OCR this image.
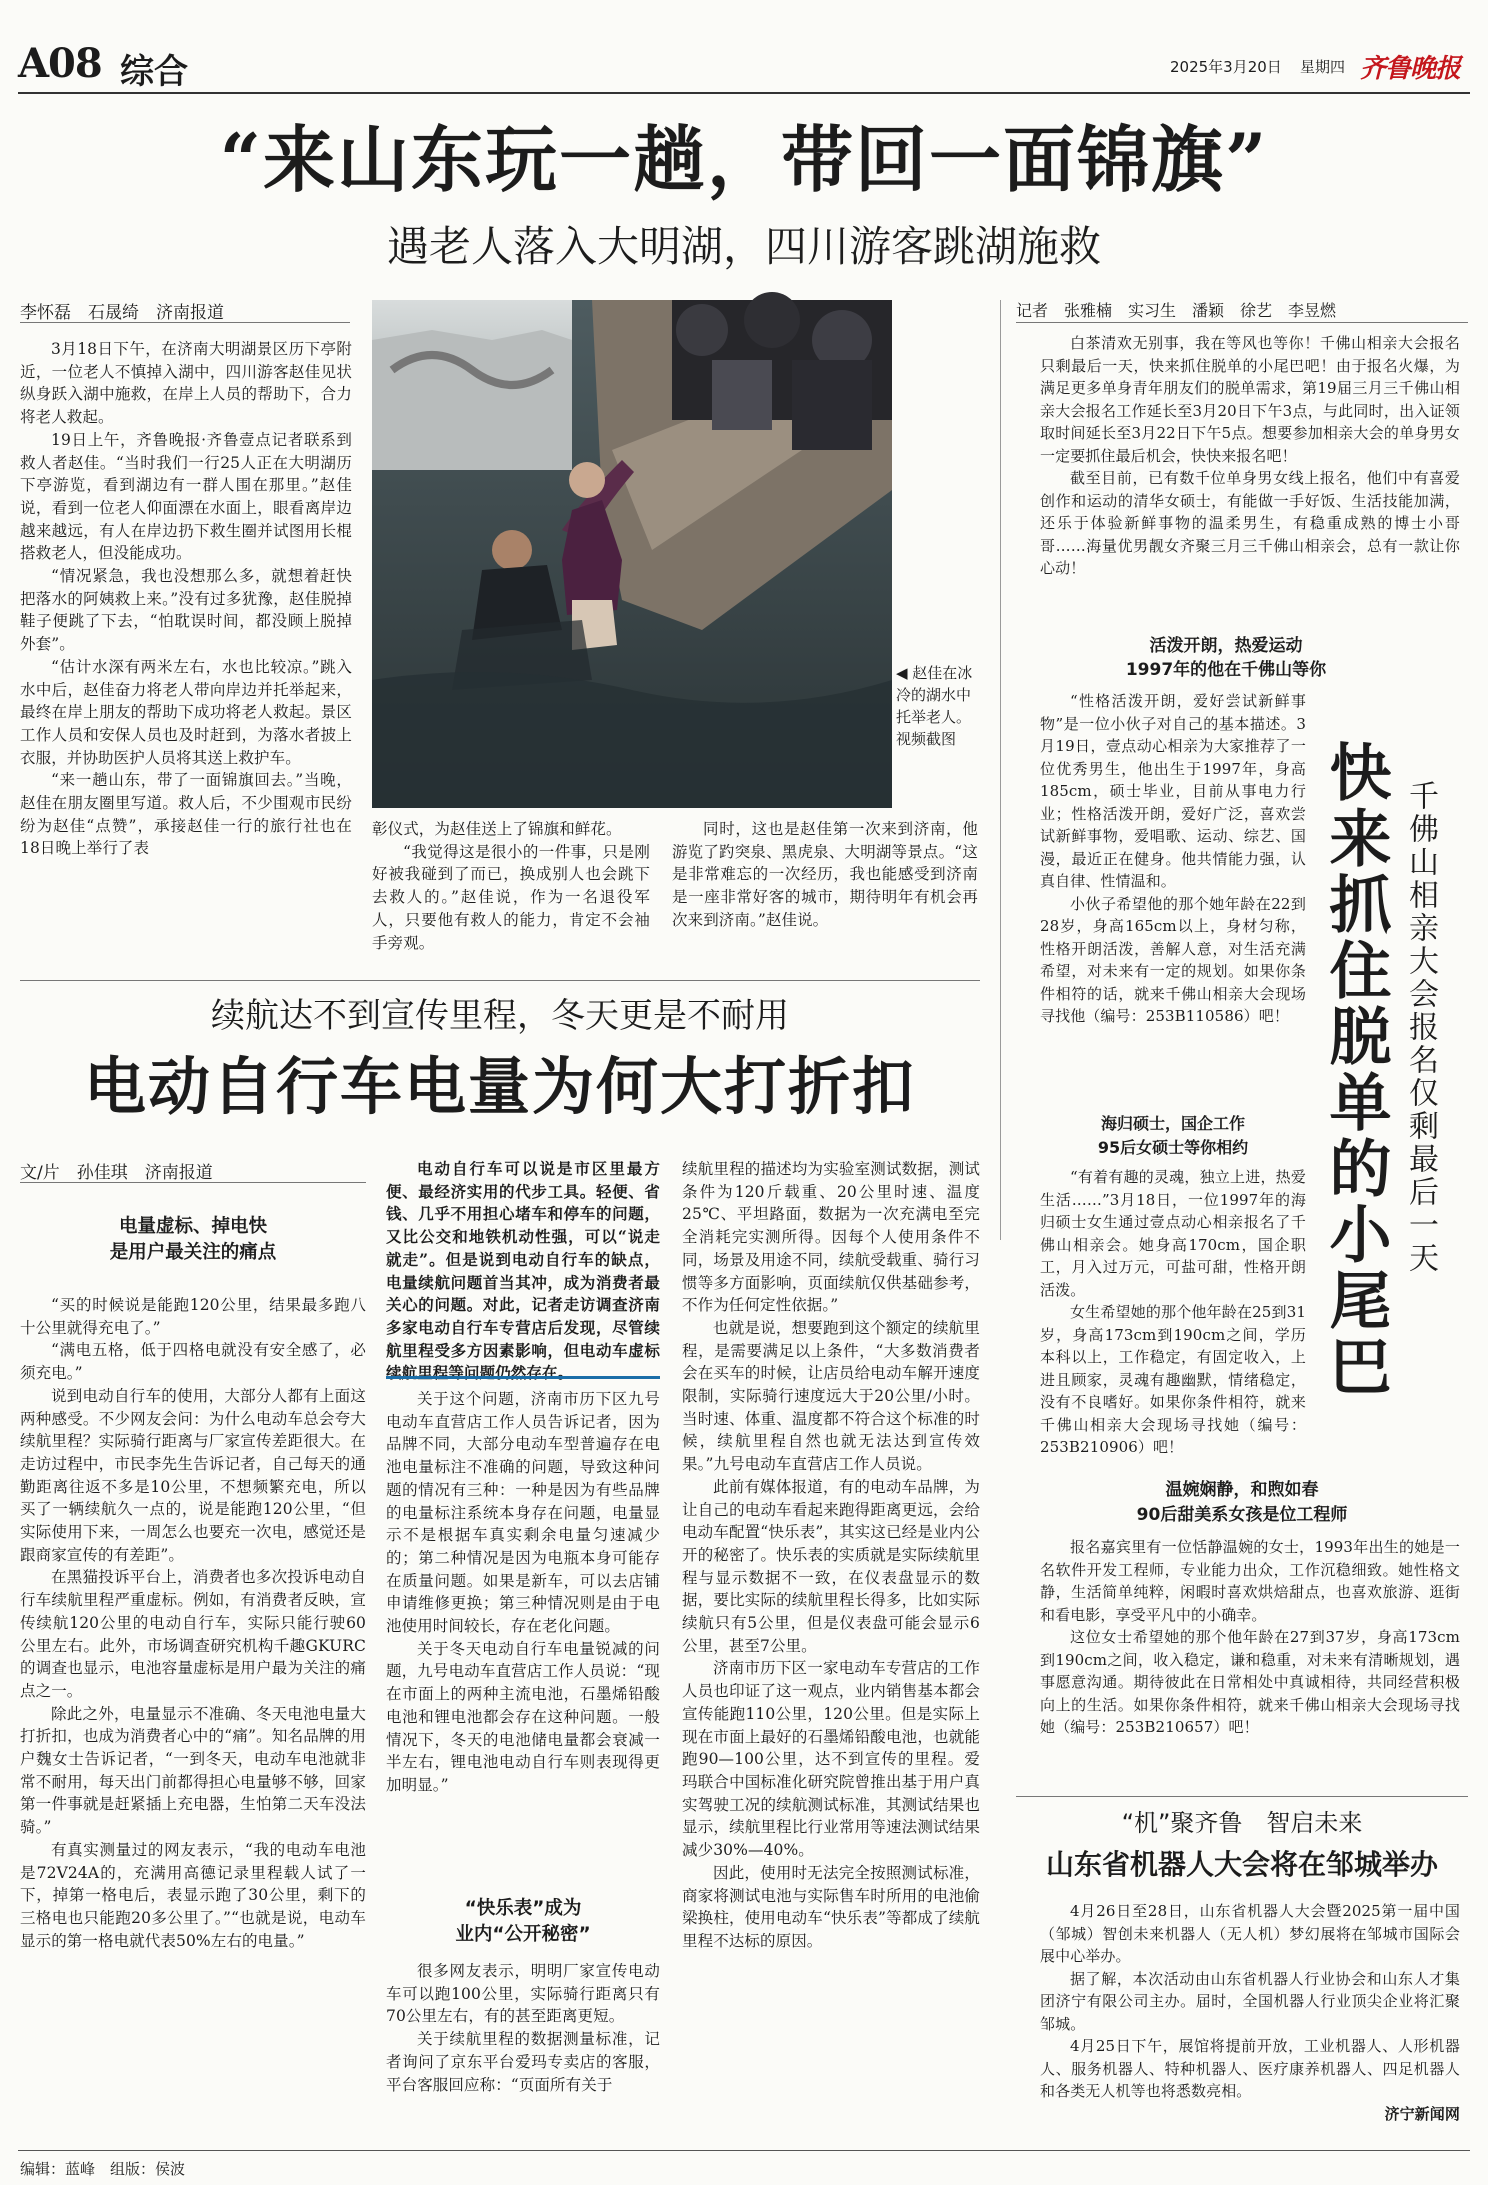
A08 综合	2025年3月20日 星期四 齐鲁晚报
“来山东玩一趟，带回一面锦旗”
遇老人落入大明湖，四川游客跳湖施救
李怀磊　石晟绮　济南报道

3月18日下午，在济南大明湖景区历下亭附近，一位老人不慎掉入湖中，四川游客赵佳见状纵身跃入湖中施救，在岸上人员的帮助下，合力将老人救起。

19日上午，齐鲁晚报·齐鲁壹点记者联系到救人者赵佳。“当时我们一行25人正在大明湖历下亭游览，看到湖边有一群人围在那里。”赵佳说，看到一位老人仰面漂在水面上，眼看离岸边越来越远，有人在岸边扔下救生圈并试图用长棍搭救老人，但没能成功。

“情况紧急，我也没想那么多，就想着赶快把落水的阿姨救上来。”没有过多犹豫，赵佳脱掉鞋子便跳了下去，“怕耽误时间，都没顾上脱掉外套”。

“估计水深有两米左右，水也比较凉。”跳入水中后，赵佳奋力将老人带向岸边并托举起来，最终在岸上朋友的帮助下成功将老人救起。景区工作人员和安保人员也及时赶到，为落水者披上衣服，并协助医护人员将其送上救护车。

“来一趟山东，带了一面锦旗回去。”当晚，赵佳在朋友圈里写道。救人后，不少围观市民纷纷为赵佳“点赞”，承接赵佳一行的旅行社也在18日晚上举行了表

◀ 赵佳在冰冷的湖水中托举老人。视频截图

彰仪式，为赵佳送上了锦旗和鲜花。

“我觉得这是很小的一件事，只是刚好被我碰到了而已，换成别人也会跳下去救人的。”赵佳说，作为一名退役军人，只要他有救人的能力，肯定不会袖手旁观。

同时，这也是赵佳第一次来到济南，他游览了趵突泉、黑虎泉、大明湖等景点。“这是非常难忘的一次经历，我也能感受到济南是一座非常好客的城市，期待明年有机会再次来到济南。”赵佳说。

续航达不到宣传里程，冬天更是不耐用
电动自行车电量为何大打折扣
文/片　孙佳琪　济南报道
电量虚标、掉电快
是用户最关注的痛点

“买的时候说是能跑120公里，结果最多跑八十公里就得充电了。”

“满电五格，低于四格电就没有安全感了，必须充电。”

说到电动自行车的使用，大部分人都有上面这两种感受。不少网友会问：为什么电动车总会夸大续航里程？实际骑行距离与厂家宣传差距很大。在走访过程中，市民李先生告诉记者，自己每天的通勤距离往返不多是10公里，不想频繁充电，所以买了一辆续航久一点的，说是能跑120公里，“但实际使用下来，一周怎么也要充一次电，感觉还是跟商家宣传的有差距”。

在黑猫投诉平台上，消费者也多次投诉电动自行车续航里程严重虚标。例如，有消费者反映，宣传续航120公里的电动自行车，实际只能行驶60公里左右。此外，市场调查研究机构千趣GKURC的调查也显示，电池容量虚标是用户最为关注的痛点之一。

除此之外，电量显示不准确、冬天电池电量大打折扣，也成为消费者心中的“痛”。知名品牌的用户魏女士告诉记者，“一到冬天，电动车电池就非常不耐用，每天出门前都得担心电量够不够，回家第一件事就是赶紧插上充电器，生怕第二天车没法骑。”

有真实测量过的网友表示，“我的电动车电池是72V24A的，充满用高德记录里程载人试了一下，掉第一格电后，表显示跑了30公里，剩下的三格电也只能跑20多公里了。”“也就是说，电动车显示的第一格电就代表50%左右的电量。”

电动自行车可以说是市区里最方便、最经济实用的代步工具。轻便、省钱、几乎不用担心堵车和停车的问题，又比公交和地铁机动性强，可以“说走就走”。但是说到电动自行车的缺点，电量续航问题首当其冲，成为消费者最关心的问题。对此，记者走访调查济南多家电动自行车专营店后发现，尽管续航里程受多方因素影响，但电动车虚标续航里程等问题仍然存在。

关于这个问题，济南市历下区九号电动车直营店工作人员告诉记者，因为品牌不同，大部分电动车型普遍存在电池电量标注不准确的问题，导致这种问题的情况有三种：一种是因为有些品牌的电量标注系统本身存在问题，电量显示不是根据车真实剩余电量匀速减少的；第二种情况是因为电瓶本身可能存在质量问题。如果是新车，可以去店铺申请维修更换；第三种情况则是由于电池使用时间较长，存在老化问题。

关于冬天电动自行车电量锐减的问题，九号电动车直营店工作人员说：“现在市面上的两种主流电池，石墨烯铅酸电池和锂电池都会存在这种问题。一般情况下，冬天的电池储电量都会衰减一半左右，锂电池电动自行车则表现得更加明显。”

“快乐表”成为
业内“公开秘密”

很多网友表示，明明厂家宣传电动车可以跑100公里，实际骑行距离只有70公里左右，有的甚至距离更短。

关于续航里程的数据测量标准，记者询问了京东平台爱玛专卖店的客服，平台客服回应称：“页面所有关于

续航里程的描述均为实验室测试数据，测试条件为120斤载重、20公里时速、温度25℃、平坦路面，数据为一次充满电至完全消耗完实测所得。因每个人使用条件不同，场景及用途不同，续航受载重、骑行习惯等多方面影响，页面续航仅供基础参考，不作为任何定性依据。”

也就是说，想要跑到这个额定的续航里程，是需要满足以上条件，“大多数消费者会在买车的时候，让店员给电动车解开速度限制，实际骑行速度远大于20公里/小时。当时速、体重、温度都不符合这个标准的时候，续航里程自然也就无法达到宣传效果。”九号电动车直营店工作人员说。

此前有媒体报道，有的电动车品牌，为让自己的电动车看起来跑得距离更远，会给电动车配置“快乐表”，其实这已经是业内公开的秘密了。快乐表的实质就是实际续航里程与显示数据不一致，在仪表盘显示的数据，要比实际的续航里程长得多，比如实际续航只有5公里，但是仪表盘可能会显示6公里，甚至7公里。

济南市历下区一家电动车专营店的工作人员也印证了这一观点，业内销售基本都会宣传能跑110公里，120公里。但是实际上现在市面上最好的石墨烯铅酸电池，也就能跑90—100公里，达不到宣传的里程。爱玛联合中国标准化研究院曾推出基于用户真实驾驶工况的续航测试标准，其测试结果也显示，续航里程比行业常用等速法测试结果减少30%—40%。

因此，使用时无法完全按照测试标准，商家将测试电池与实际售车时所用的电池偷梁换柱，使用电动车“快乐表”等都成了续航里程不达标的原因。

记者　张雅楠　实习生　潘颖　徐艺　李昱燃

白茶清欢无别事，我在等风也等你！千佛山相亲大会报名只剩最后一天，快来抓住脱单的小尾巴吧！由于报名火爆，为满足更多单身青年朋友们的脱单需求，第19届三月三千佛山相亲大会报名工作延长至3月20日下午3点，与此同时，出入证领取时间延长至3月22日下午5点。想要参加相亲大会的单身男女一定要抓住最后机会，快快来报名吧！

截至目前，已有数千位单身男女线上报名，他们中有喜爱创作和运动的清华女硕士，有能做一手好饭、生活技能加满，还乐于体验新鲜事物的温柔男生，有稳重成熟的博士小哥哥……海量优男靓女齐聚三月三千佛山相亲会，总有一款让你心动！

活泼开朗，热爱运动
1997年的他在千佛山等你

“性格活泼开朗，爱好尝试新鲜事物”是一位小伙子对自己的基本描述。3月19日，壹点动心相亲为大家推荐了一位优秀男生，他出生于1997年，身高185cm，硕士毕业，目前从事电力行业；性格活泼开朗，爱好广泛，喜欢尝试新鲜事物，爱唱歌、运动、综艺、国漫，最近正在健身。他共情能力强，认真自律、性情温和。

小伙子希望他的那个她年龄在22到28岁，身高165cm以上，身材匀称，性格开朗活泼，善解人意，对生活充满希望，对未来有一定的规划。如果你条件相符的话，就来千佛山相亲大会现场寻找他（编号：253B110586）吧！

海归硕士，国企工作
95后女硕士等你相约

“有着有趣的灵魂，独立上进，热爱生活……”3月18日，一位1997年的海归硕士女生通过壹点动心相亲报名了千佛山相亲会。她身高170cm，国企职工，月入过万元，可盐可甜，性格开朗活泼。

女生希望她的那个他年龄在25到31岁，身高173cm到190cm之间，学历本科以上，工作稳定，有固定收入，上进且顾家，灵魂有趣幽默，情绪稳定，没有不良嗜好。如果你条件相符，就来千佛山相亲大会现场寻找她（编号：253B210906）吧！

快来抓住脱单的小尾巴 千佛山相亲大会报名仅剩最后一天
温婉娴静，和煦如春
90后甜美系女孩是位工程师

报名嘉宾里有一位恬静温婉的女士，1993年出生的她是一名软件开发工程师，专业能力出众，工作沉稳细致。她性格文静，生活简单纯粹，闲暇时喜欢烘焙甜点，也喜欢旅游、逛街和看电影，享受平凡中的小确幸。

这位女士希望她的那个他年龄在27到37岁，身高173cm到190cm之间，收入稳定，谦和稳重，对未来有清晰规划，遇事愿意沟通。期待彼此在日常相处中真诚相待，共同经营积极向上的生活。如果你条件相符，就来千佛山相亲大会现场寻找她（编号：253B210657）吧！

“机”聚齐鲁　智启未来
山东省机器人大会将在邹城举办

4月26日至28日，山东省机器人大会暨2025第一届中国（邹城）智创未来机器人（无人机）梦幻展将在邹城市国际会展中心举办。

据了解，本次活动由山东省机器人行业协会和山东人才集团济宁有限公司主办。届时，全国机器人行业顶尖企业将汇聚邹城。

4月25日下午，展馆将提前开放，工业机器人、人形机器人、服务机器人、特种机器人、医疗康养机器人、四足机器人和各类无人机等也将悉数亮相。

济宁新闻网
编辑：蓝峰　组版：侯波
